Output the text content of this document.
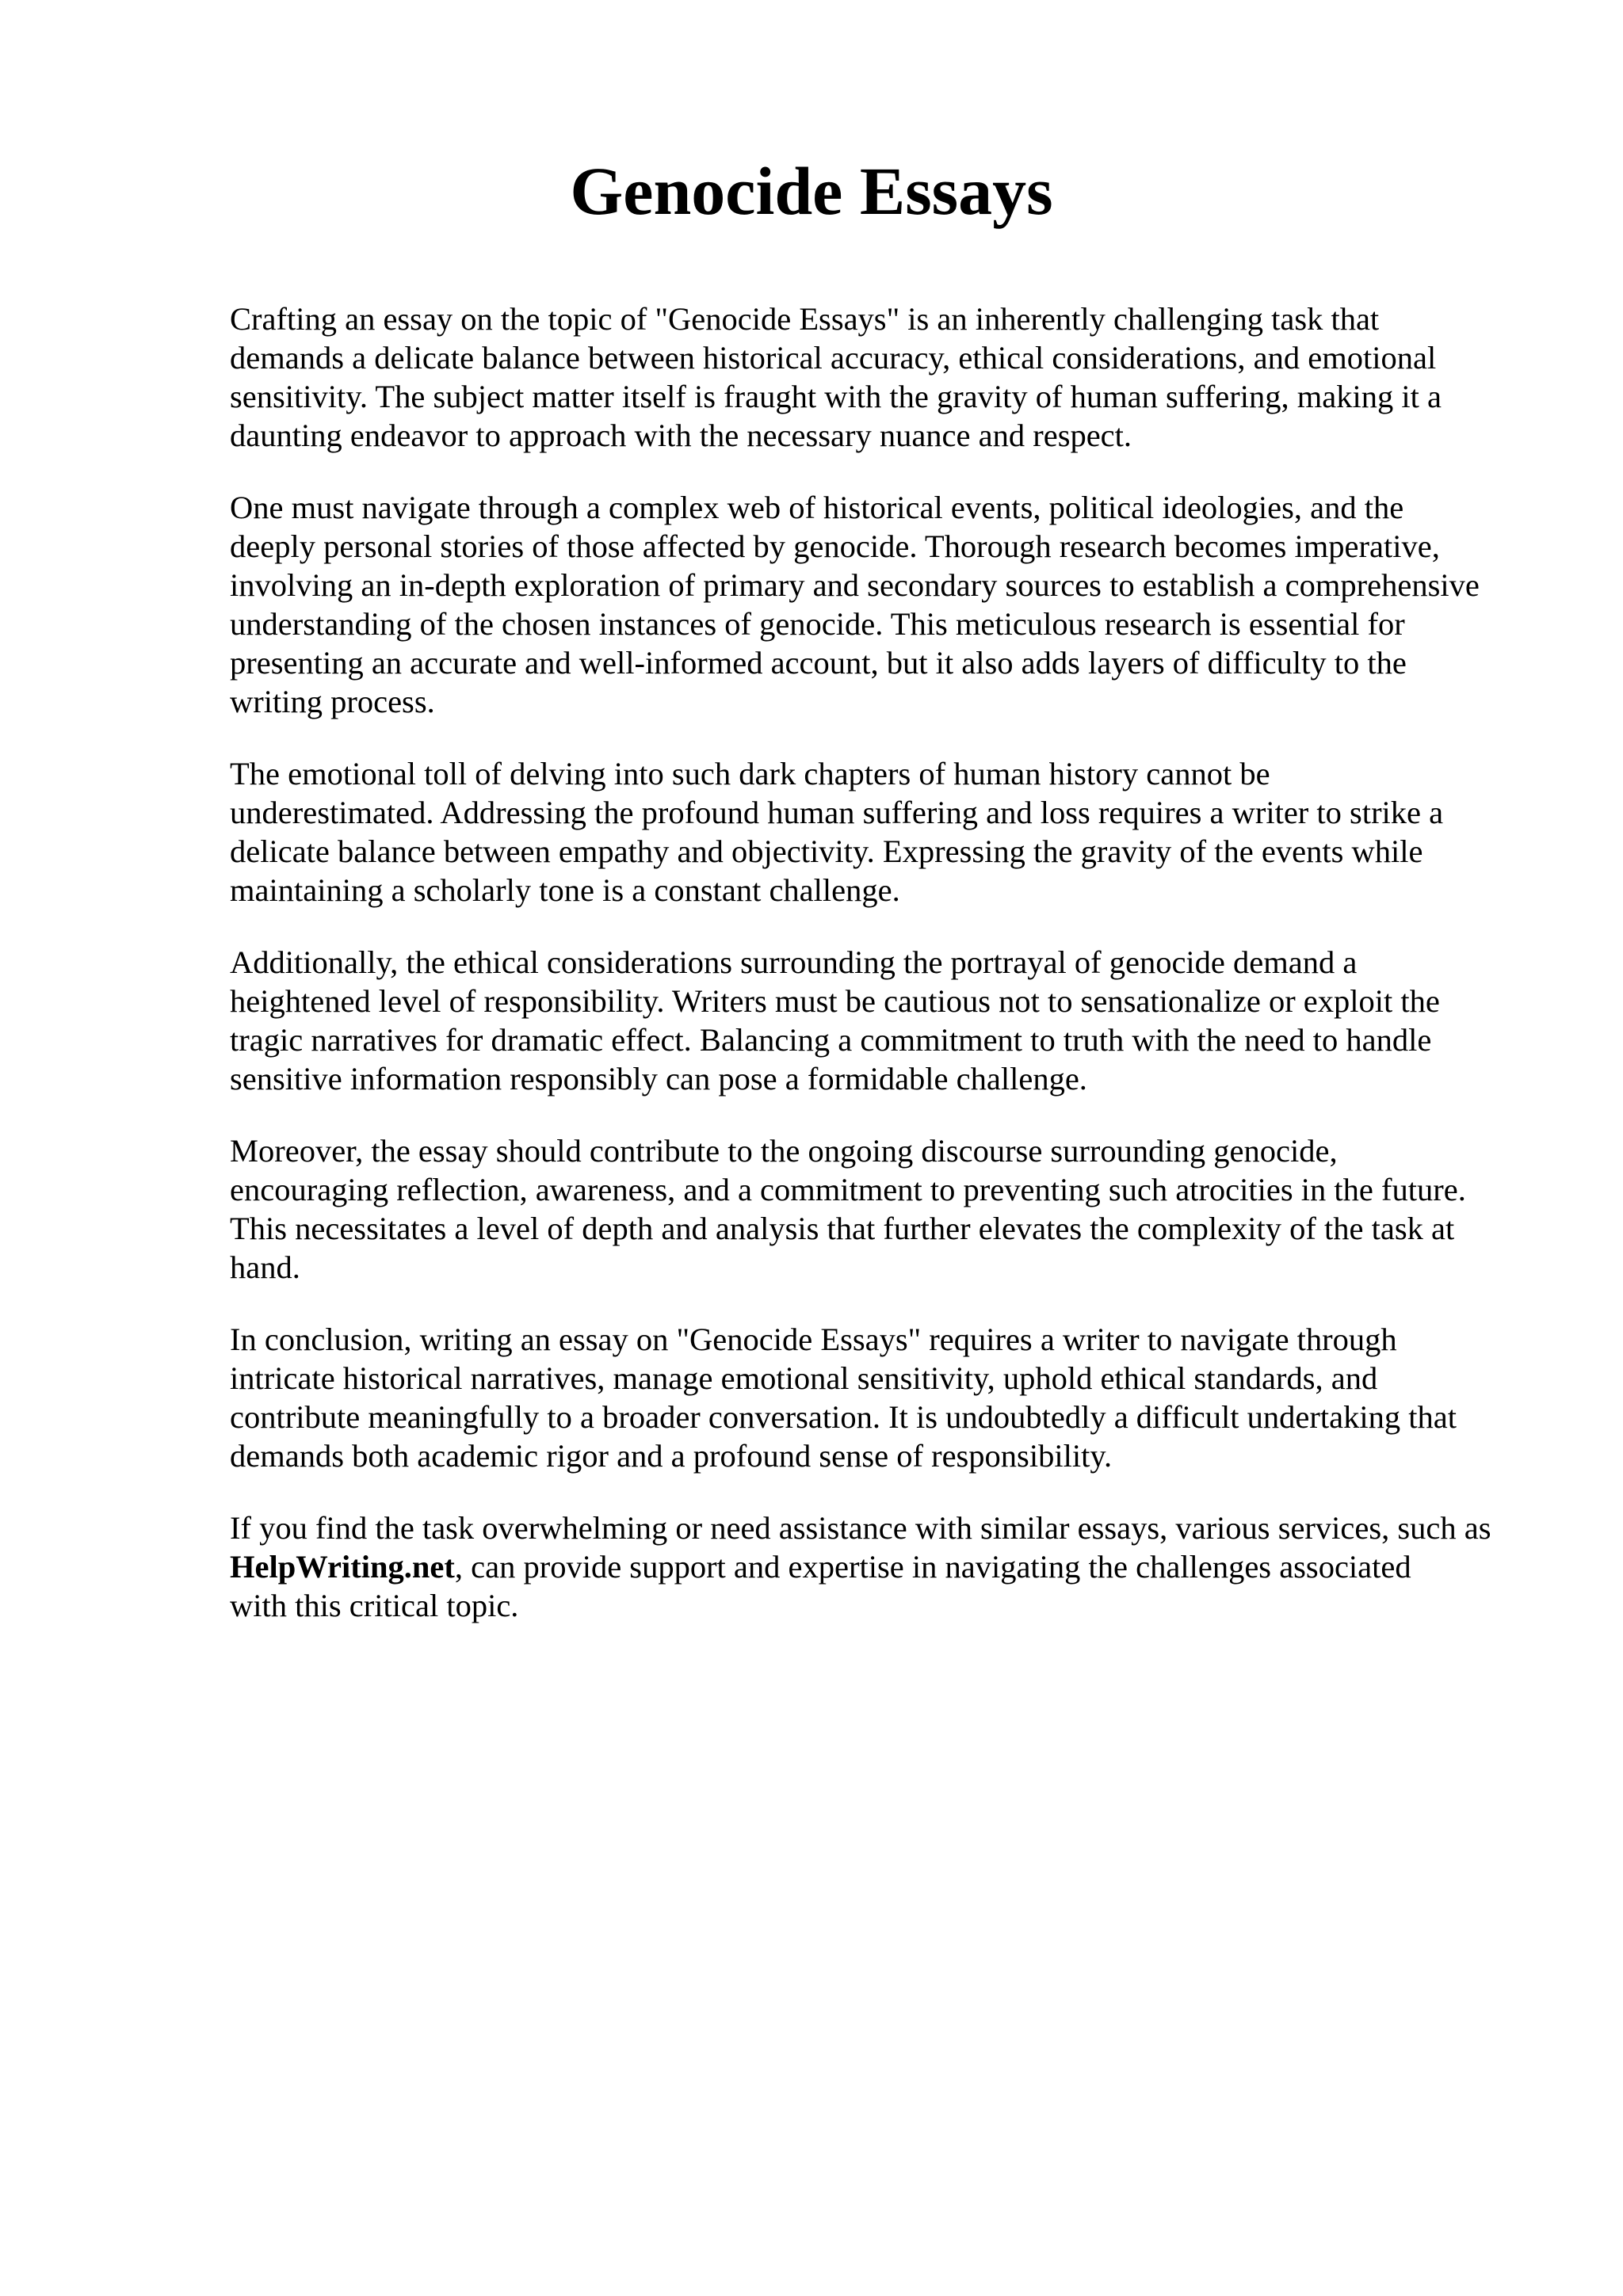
Genocide Essays

Crafting an essay on the topic of "Genocide Essays" is an inherently challenging task that
demands a delicate balance between historical accuracy, ethical considerations, and emotional
sensitivity. The subject matter itself is fraught with the gravity of human suffering, making it a
daunting endeavor to approach with the necessary nuance and respect.

One must navigate through a complex web of historical events, political ideologies, and the
deeply personal stories of those affected by genocide. Thorough research becomes imperative,
involving an in-depth exploration of primary and secondary sources to establish a comprehensive
understanding of the chosen instances of genocide. This meticulous research is essential for
presenting an accurate and well-informed account, but it also adds layers of difficulty to the
writing process.

The emotional toll of delving into such dark chapters of human history cannot be
underestimated. Addressing the profound human suffering and loss requires a writer to strike a
delicate balance between empathy and objectivity. Expressing the gravity of the events while
maintaining a scholarly tone is a constant challenge.

Additionally, the ethical considerations surrounding the portrayal of genocide demand a
heightened level of responsibility. Writers must be cautious not to sensationalize or exploit the
tragic narratives for dramatic effect. Balancing a commitment to truth with the need to handle
sensitive information responsibly can pose a formidable challenge.

Moreover, the essay should contribute to the ongoing discourse surrounding genocide,
encouraging reflection, awareness, and a commitment to preventing such atrocities in the future.
This necessitates a level of depth and analysis that further elevates the complexity of the task at
hand.

In conclusion, writing an essay on "Genocide Essays" requires a writer to navigate through
intricate historical narratives, manage emotional sensitivity, uphold ethical standards, and
contribute meaningfully to a broader conversation. It is undoubtedly a difficult undertaking that
demands both academic rigor and a profound sense of responsibility.

If you find the task overwhelming or need assistance with similar essays, various services, such as
HelpWriting.net, can provide support and expertise in navigating the challenges associated
with this critical topic.
